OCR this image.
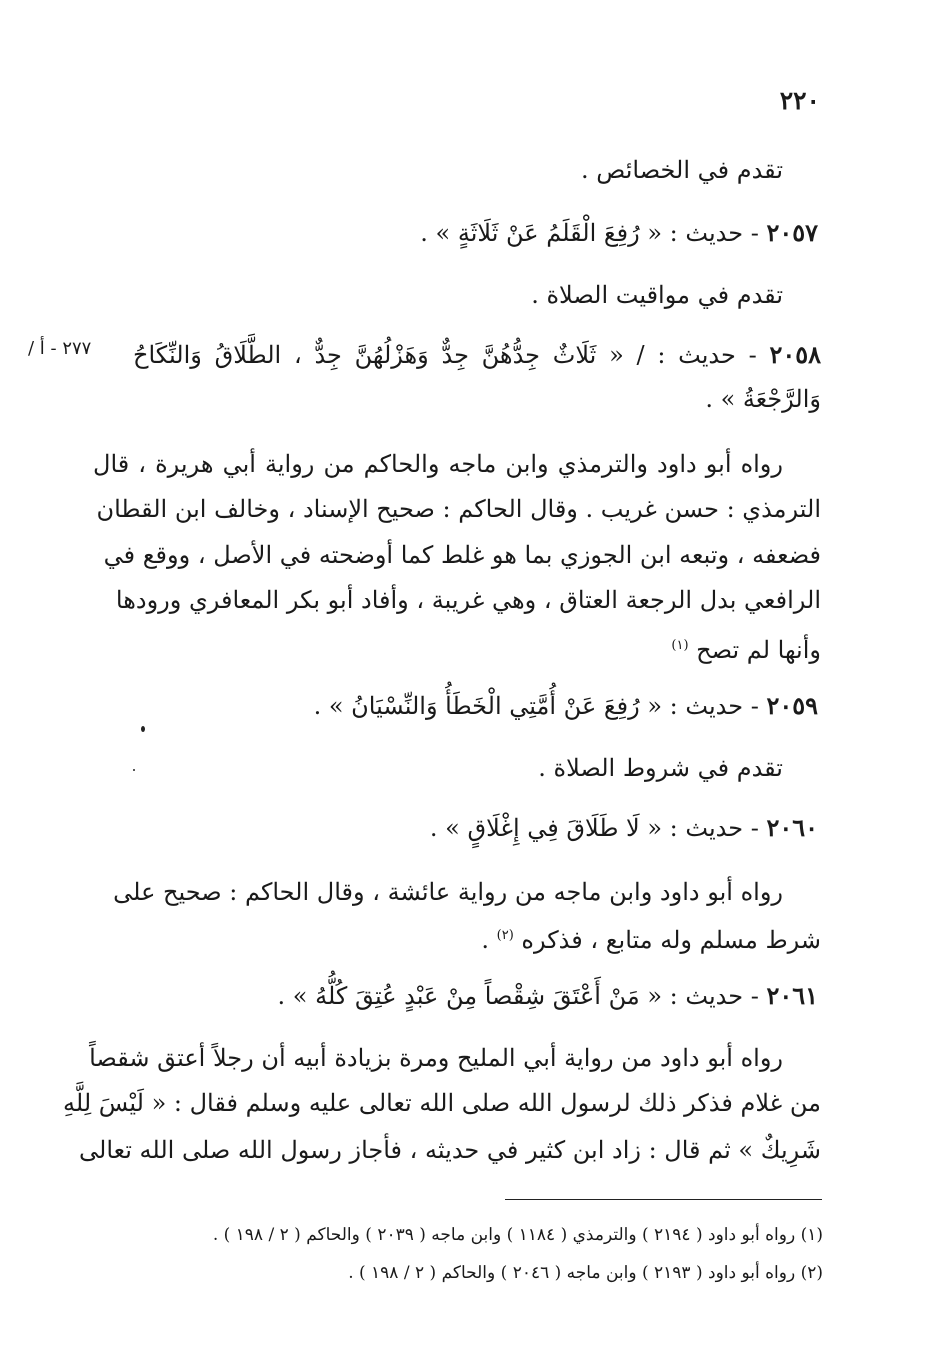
٢٢٠
٢٧٧ - أ /
تقدم في الخصائص .
٢٠٥٧ - حديث : « رُفِعَ الْقَلَمُ عَنْ ثَلَاثَةٍ » .
تقدم في مواقيت الصلاة .
٢٠٥٨ - حديث : / « ثَلَاثٌ جِدُّهُنَّ جِدٌّ وَهَزْلُهُنَّ جِدٌّ ، الطَّلَاقُ وَالنِّكَاحُ
وَالرَّجْعَةُ » .
رواه أبو داود والترمذي وابن ماجه والحاكم من رواية أبي هريرة ، قال
الترمذي : حسن غريب . وقال الحاكم : صحيح الإسناد ، وخالف ابن القطان
فضعفه ، وتبعه ابن الجوزي بما هو غلط كما أوضحته في الأصل ، ووقع في
الرافعي بدل الرجعة العتاق ، وهي غريبة ، وأفاد أبو بكر المعافري ورودها
وأنها لم تصح $^{(١)}$
٢٠٥٩ - حديث : « رُفِعَ عَنْ أُمَّتِي الْخَطَأُ وَالنِّسْيَانُ » .
تقدم في شروط الصلاة .
٢٠٦٠ - حديث : « لَا طَلَاقَ فِي إِغْلَاقٍ » .
رواه أبو داود وابن ماجه من رواية عائشة ، وقال الحاكم : صحيح على
شرط مسلم وله متابع ، فذكره $^{(٢)}$ .
٢٠٦١ - حديث : « مَنْ أَعْتَقَ شِقْصاً مِنْ عَبْدٍ عُتِقَ كُلُّهُ » .
رواه أبو داود من رواية أبي المليح ومرة بزيادة أبيه أن رجلاً أعتق شقصاً
من غلام فذكر ذلك لرسول الله صلى الله تعالى عليه وسلم فقال : « لَيْسَ لِلَّهِ
شَرِيكٌ » ثم قال : زاد ابن كثير في حديثه ، فأجاز رسول الله صلى الله تعالى
(١) رواه أبو داود ( ٢١٩٤ ) والترمذي ( ١١٨٤ ) وابن ماجه ( ٢٠٣٩ ) والحاكم ( ٢ / ١٩٨ ) .
(٢) رواه أبو داود ( ٢١٩٣ ) وابن ماجه ( ٢٠٤٦ ) والحاكم ( ٢ / ١٩٨ ) .
